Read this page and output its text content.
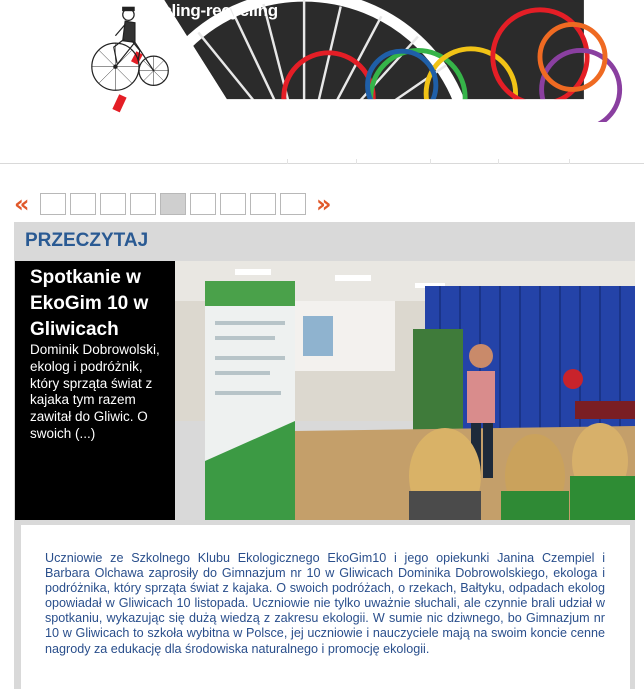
cycling-recycling
«	»
PRZECZYTAJ
Spotkanie w EkoGim 10 w Gliwicach
Dominik Dobrowolski, ekolog i podróżnik, który sprząta świat z kajaka tym razem zawitał do Gliwic. O swoich (...)
Uczniowie ze Szkolnego Klubu Ekologicznego EkoGim10 i jego opiekunki Janina Czempiel i Barbara Olchawa zaprosiły do Gimnazjum nr 10 w Gliwicach Dominika Dobrowolskiego, ekologa i podróżnika, który sprząta świat z kajaka. O swoich podróżach, o rzekach, Bałtyku, odpadach ekolog opowiadał w Gliwicach 10 listopada. Uczniowie nie tylko uważnie słuchali, ale czynnie brali udział w spotkaniu, wykazując się dużą wiedzą z zakresu ekologii. W sumie nic dziwnego, bo Gimnazjum nr 10 w Gliwicach to szkoła wybitna w Polsce, jej uczniowie i nauczyciele mają na swoim koncie cenne nagrody za edukację dla środowiska naturalnego i promocję ekologii.
